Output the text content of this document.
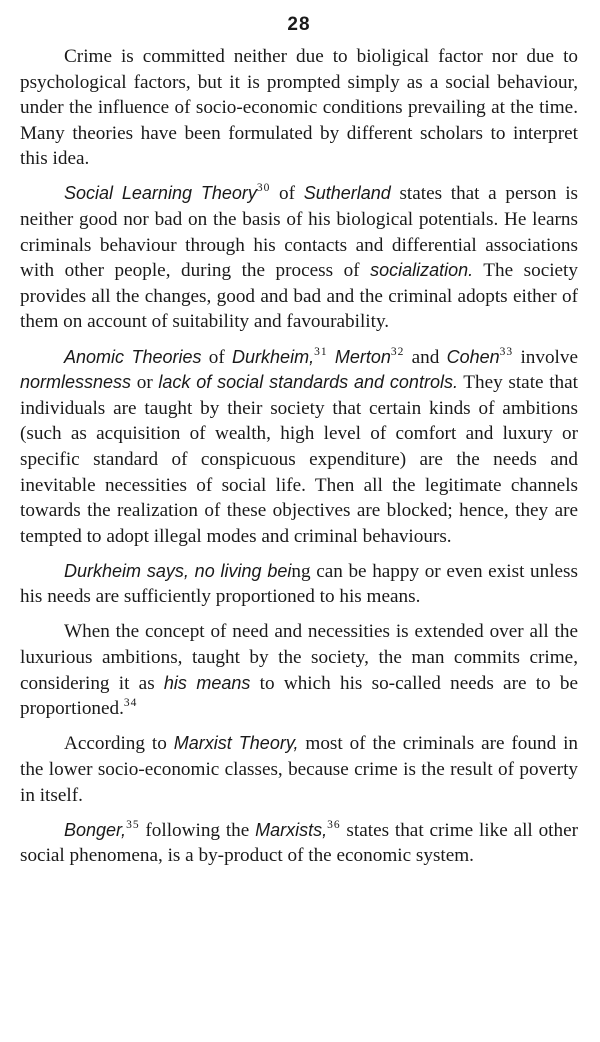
28

Crime is committed neither due to bioligical factor nor due to psychological factors, but it is prompted simply as a social behaviour, under the influence of socio-economic conditions prevailing at the time. Many theories have been formulated by different scholars to interpret this idea.

Social Learning Theory$^{30}$ of Sutherland states that a person is neither good nor bad on the basis of his biological potentials. He learns criminals behaviour through his contacts and differential associations with other people, during the process of socialization. The society provides all the changes, good and bad and the criminal adopts either of them on account of suitability and favourability.

Anomic Theories of Durkheim,$^{31}$ Merton$^{32}$ and Cohen$^{33}$ involve normlessness or lack of social standards and controls. They state that individuals are taught by their society that certain kinds of ambitions (such as acquisition of wealth, high level of comfort and luxury or specific standard of conspicuous expenditure) are the needs and inevitable necessities of social life. Then all the legitimate channels towards the realization of these objectives are blocked; hence, they are tempted to adopt illegal modes and criminal behaviours.

Durkheim says, no living being can be happy or even exist unless his needs are sufficiently proportioned to his means.

When the concept of need and necessities is extended over all the luxurious ambitions, taught by the society, the man commits crime, considering it as his means to which his so-called needs are to be proportioned.$^{34}$

According to Marxist Theory, most of the criminals are found in the lower socio-economic classes, because crime is the result of poverty in itself.

Bonger,$^{35}$ following the Marxists,$^{36}$ states that crime like all other social phenomena, is a by-product of the economic system.
